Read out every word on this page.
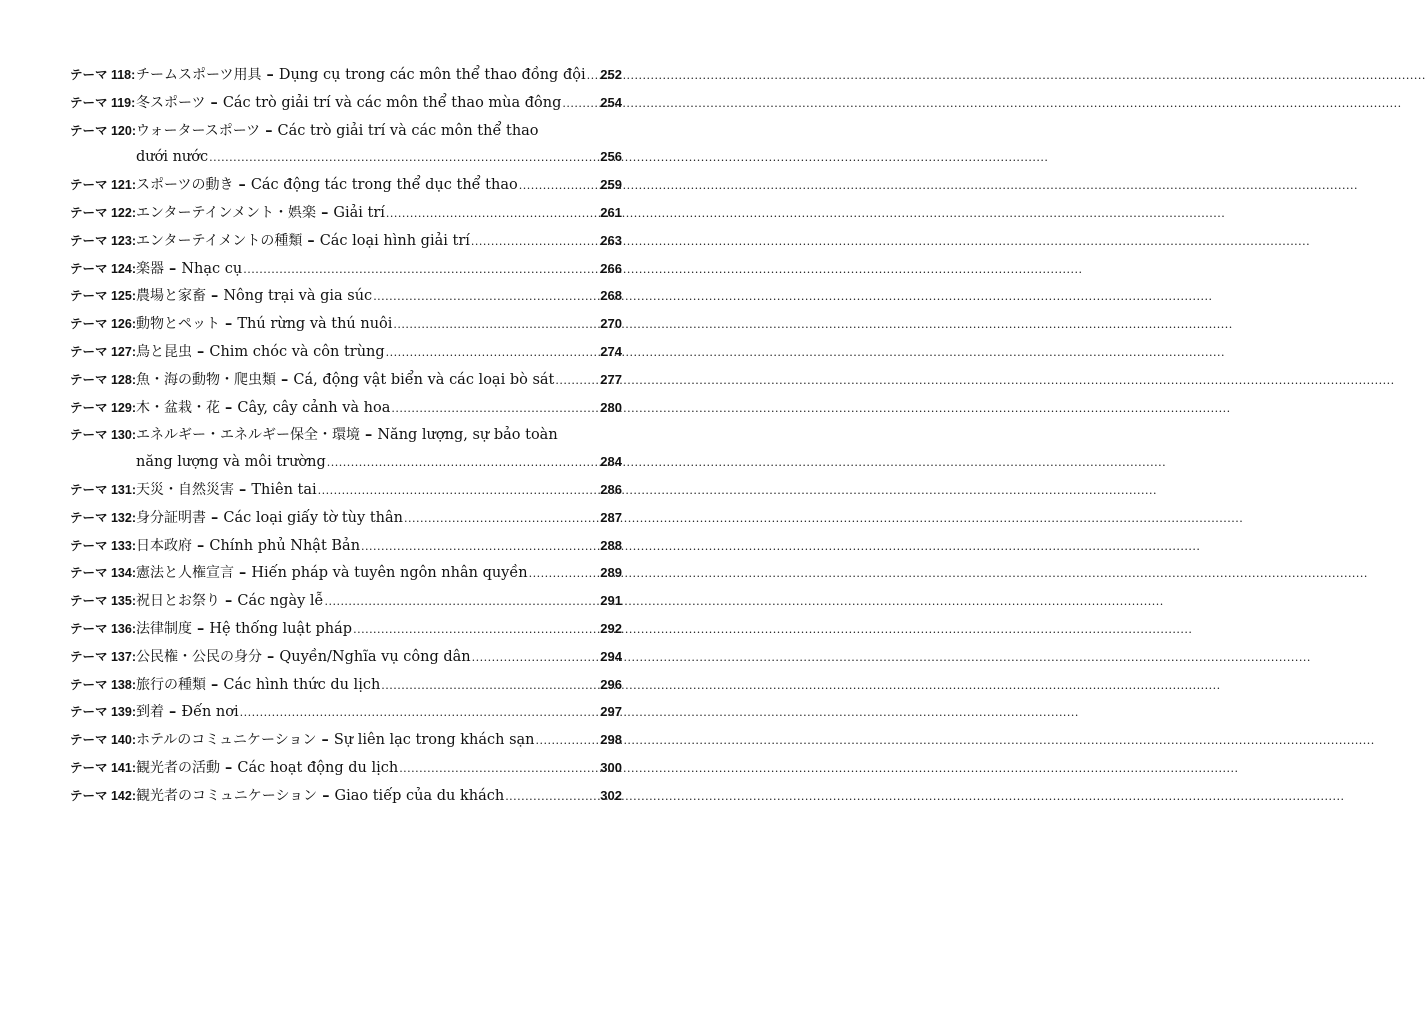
テーマ 118: チームスポーツ用具 – Dụng cụ trong các môn thể thao đồng đội ..... 252
テーマ 119: 冬スポーツ – Các trò giải trí và các môn thể thao mùa đông .....	254
テーマ 120: ウォータースポーツ – Các trò giải trí và các môn thể thao
dưới nước .....	256
テーマ 121: スポーツの動き – Các động tác trong thể dục thể thao .....	259
テーマ 122: エンターテインメント・娯楽 – Giải trí .....	261
テーマ 123: エンターテイメントの種類 – Các loại hình giải trí .....	263
テーマ 124: 楽器 – Nhạc cụ .....	266
テーマ 125: 農場と家畜 – Nông trại và gia súc .....	268
テーマ 126: 動物とペット – Thú rừng và thú nuôi .....	270
テーマ 127: 鳥と昆虫 – Chim chóc và côn trùng .....	274
テーマ 128: 魚・海の動物・爬虫類 – Cá, động vật biển và các loại bò sát .....	277
テーマ 129: 木・盆栽・花 – Cây, cây cảnh và hoa .....	280
テーマ 130: エネルギー・エネルギー保全・環境 – Năng lượng, sự bảo toàn
năng lượng và môi trường .....	284
テーマ 131: 天災・自然災害 – Thiên tai .....	286
テーマ 132: 身分証明書 – Các loại giấy tờ tùy thân .....	287
テーマ 133: 日本政府 – Chính phủ Nhật Bản .....	288
テーマ 134: 憲法と人権宣言 – Hiến pháp và tuyên ngôn nhân quyền .....	289
テーマ 135: 祝日とお祭り – Các ngày lễ .....	291
テーマ 136: 法律制度 – Hệ thống luật pháp .....	292
テーマ 137: 公民権・公民の身分 – Quyền/Nghĩa vụ công dân .....	294
テーマ 138: 旅行の種類 – Các hình thức du lịch .....	296
テーマ 139: 到着 – Đến nơi .....	297
テーマ 140: ホテルのコミュニケーション – Sự liên lạc trong khách sạn .....	298
テーマ 141: 観光者の活動 – Các hoạt động du lịch .....	300
テーマ 142: 観光者のコミュニケーション – Giao tiếp của du khách .....	302
